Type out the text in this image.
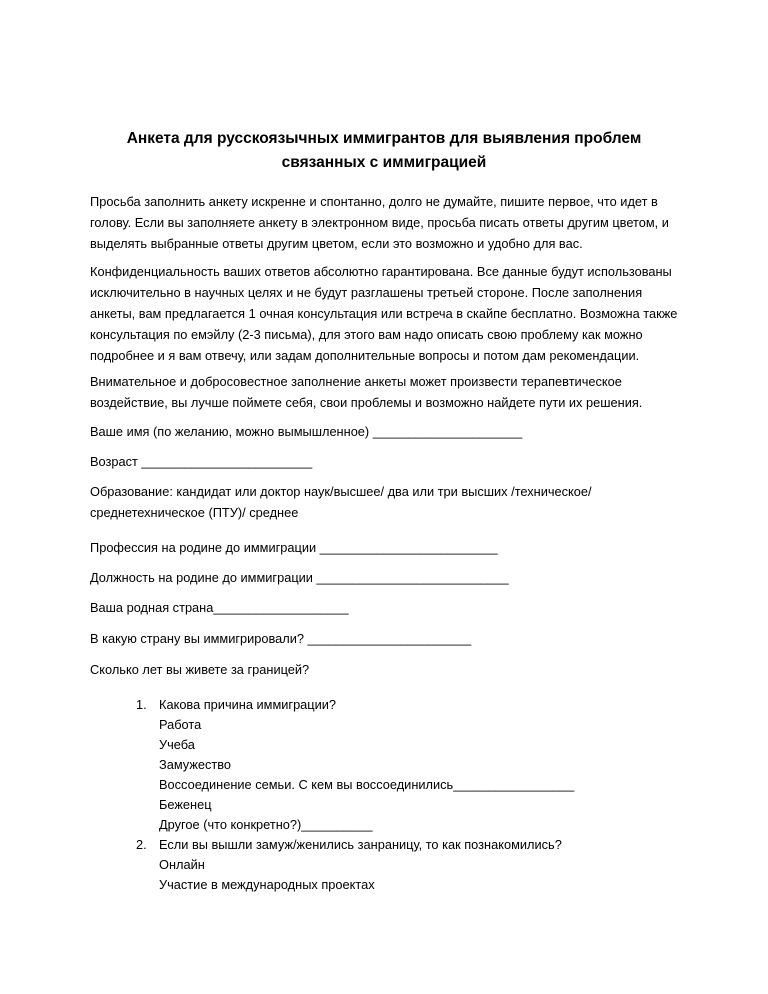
Анкета для русскоязычных иммигрантов для выявления проблем
связанных с иммиграцией
Просьба заполнить анкету искренне и спонтанно, долго не думайте, пишите первое, что идет в
голову. Если вы заполняете анкету в электронном виде, просьба писать ответы другим цветом, и
выделять выбранные ответы другим цветом, если это возможно и удобно для вас.
Конфиденциальность ваших ответов абсолютно гарантирована. Все данные будут использованы
исключительно в научных целях и не будут разглашены третьей стороне. После заполнения
анкеты, вам предлагается 1 очная консультация или встреча в скайпе бесплатно. Возможна также
консультация по емэйлу (2-3 письма), для этого вам надо описать свою проблему как можно
подробнее и я вам отвечу, или задам дополнительные вопросы и потом дам рекомендации.
Внимательное и добросовестное заполнение анкеты может произвести терапевтическое
воздействие, вы лучше поймете себя, свои проблемы и возможно найдете пути их решения.
Ваше имя (по желанию, можно вымышленное) _____________________
Возраст ________________________
Образование: кандидат или доктор наук/высшее/ два или три высших /техническое/
среднетехническое (ПТУ)/ среднее
Профессия на родине до иммиграции _________________________
Должность на родине до иммиграции ___________________________
Ваша родная страна___________________
В какую страну вы иммигрировали? _______________________
Сколько лет вы живете за границей?
1. Какова причина иммиграции?
Работа
Учеба
Замужество
Воссоединение семьи. С кем вы воссоединились_________________
Беженец
Другое (что конкретно?)__________
2. Если вы вышли замуж/женились занраницу, то как познакомились?
Онлайн
Участие в международных проектах
